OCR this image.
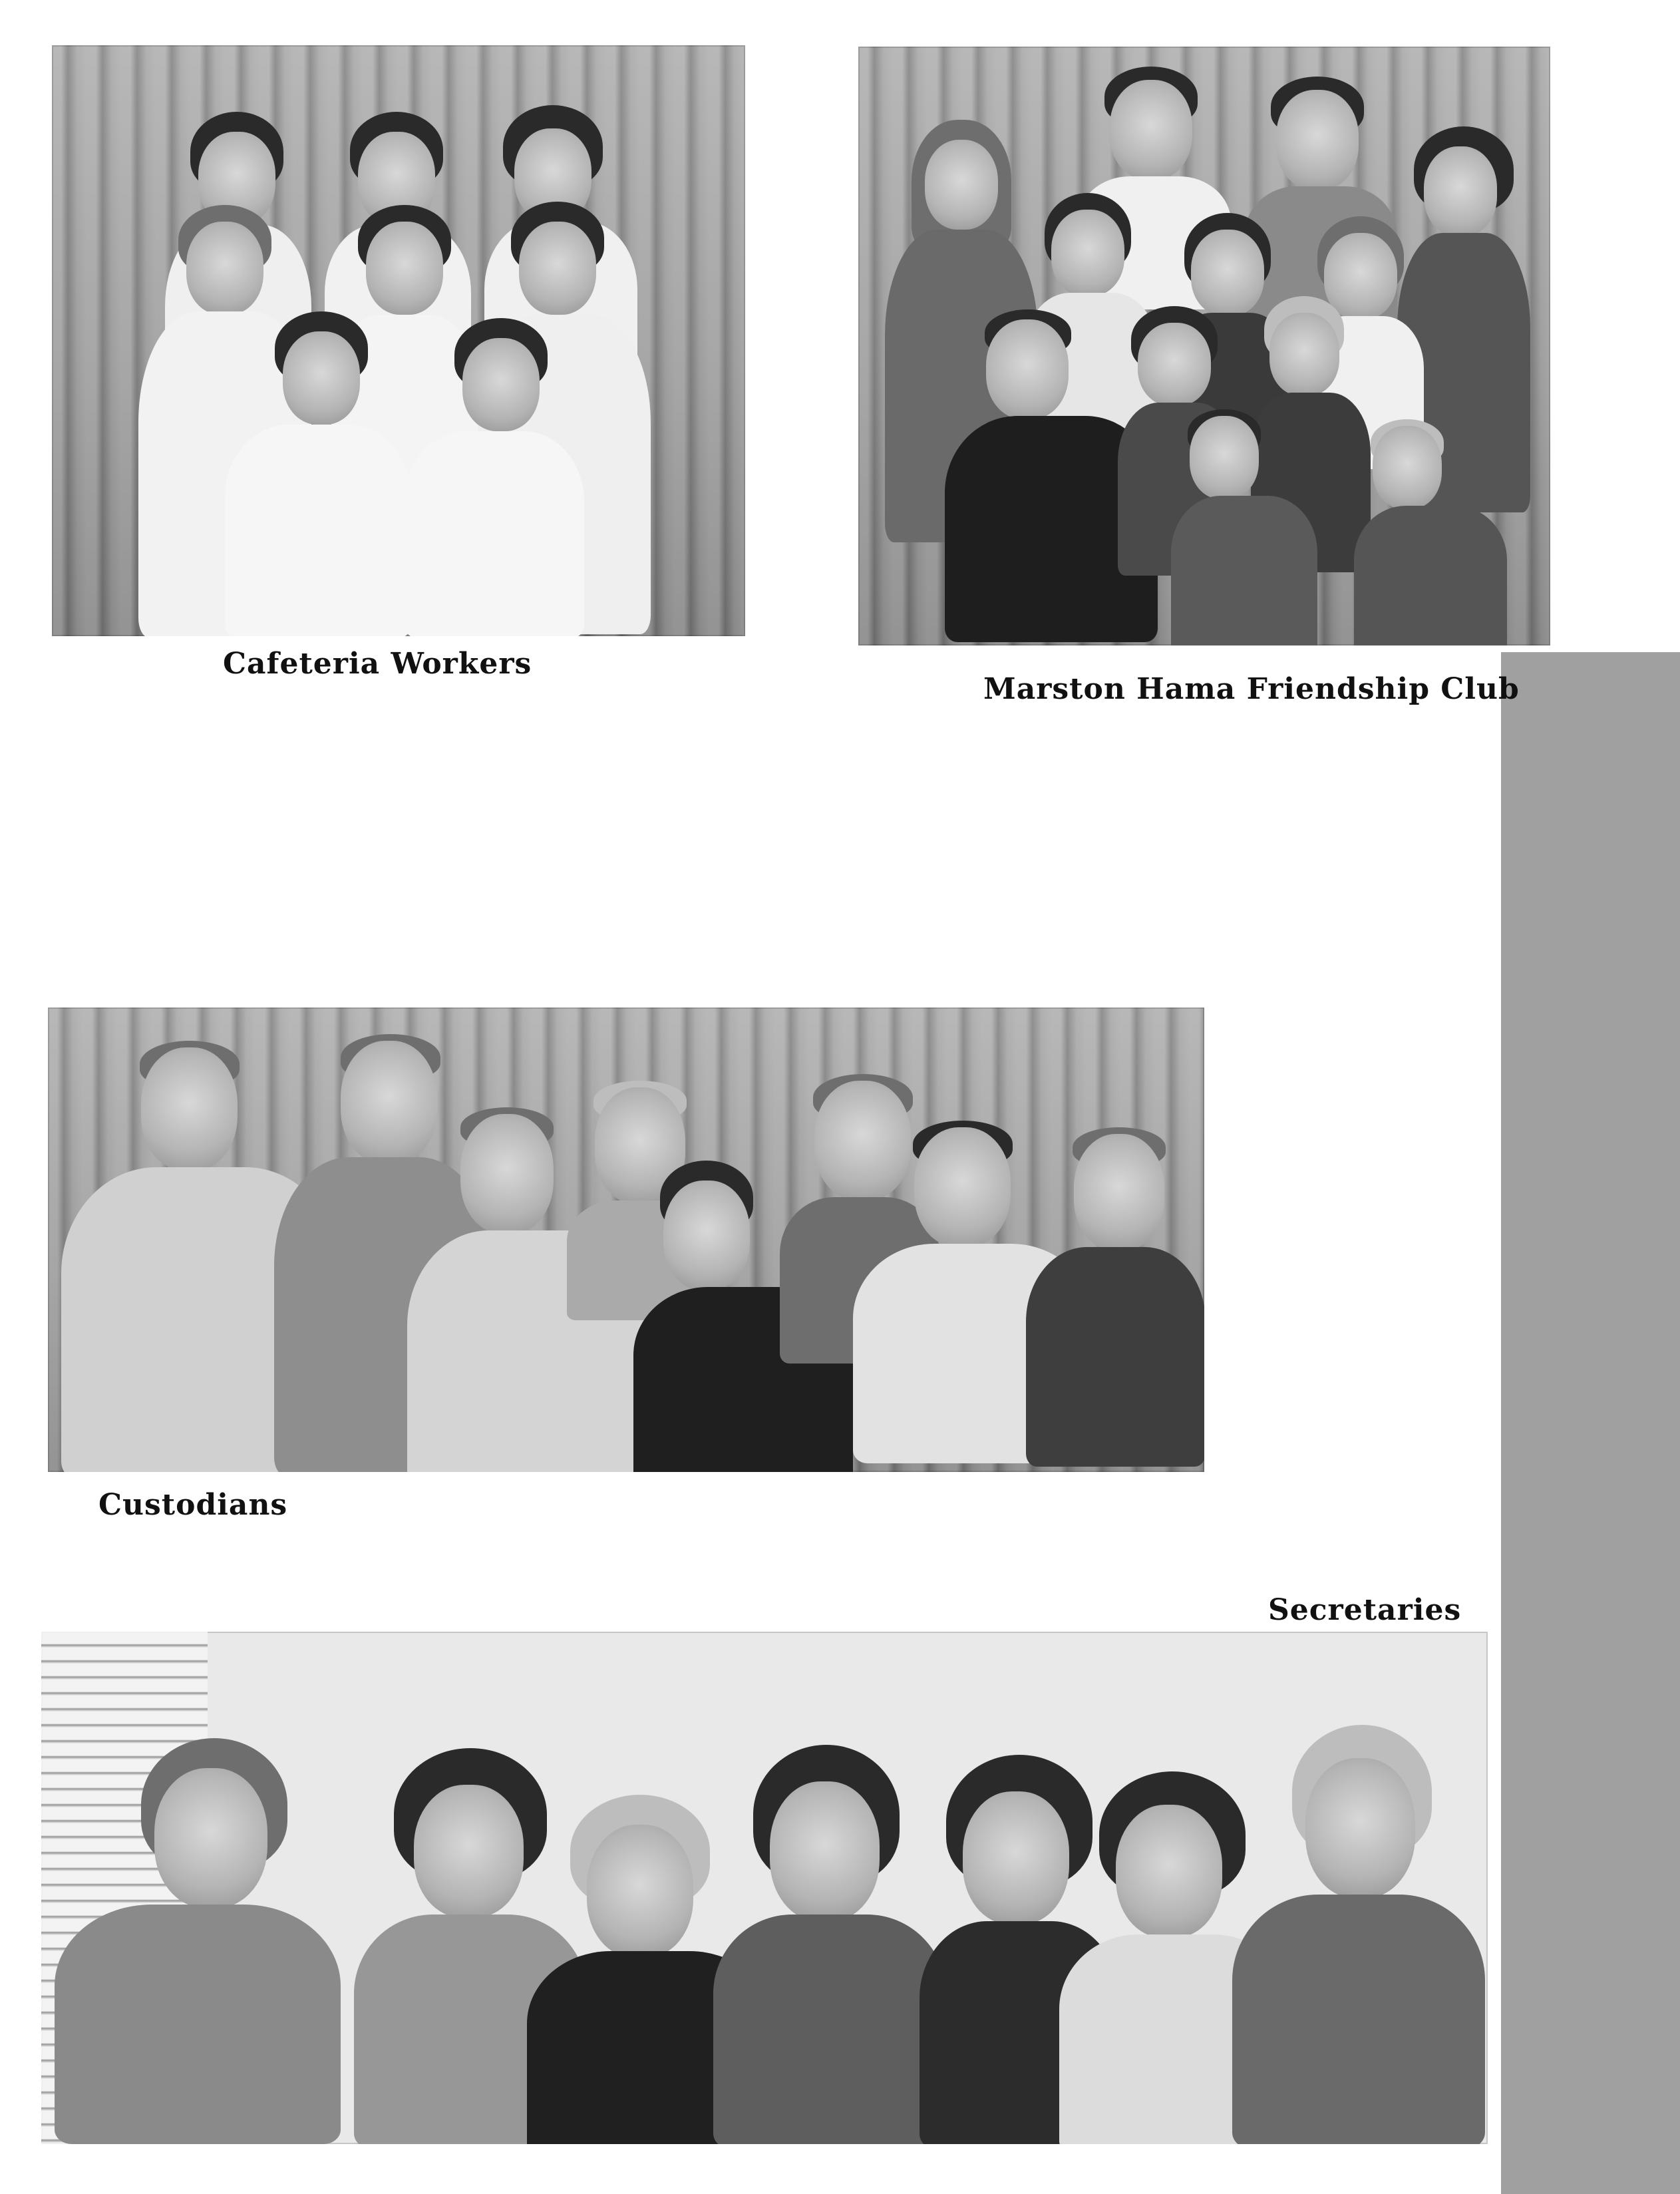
Cafeteria Workers

Marston Hama Friendship Club

Custodians

Secretaries
